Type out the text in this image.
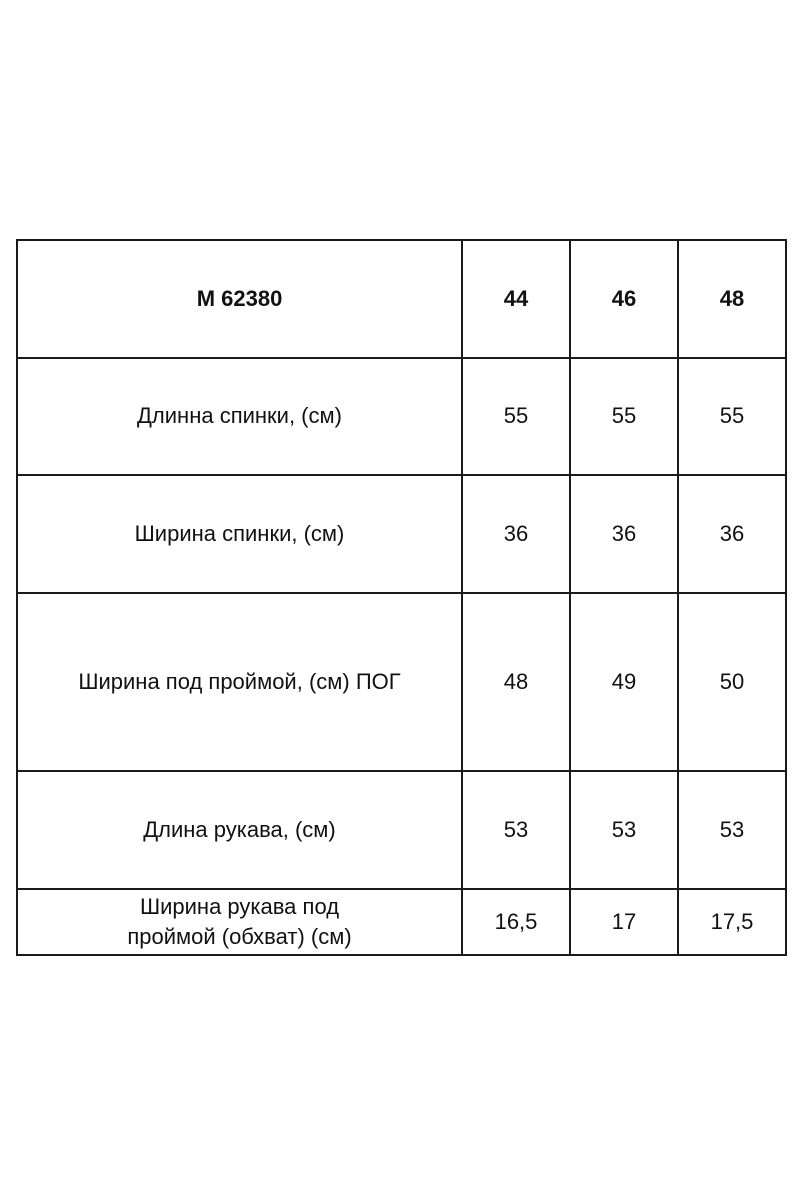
M 62380	44	46	48
Длинна спинки, (см)	55	55	55
Ширина спинки, (см)	36	36	36
Ширина под проймой, (см) ПОГ	48	49	50
Длина рукава, (см)	53	53	53
Ширина рукава под
проймой (обхват) (см)	16,5	17	17,5
